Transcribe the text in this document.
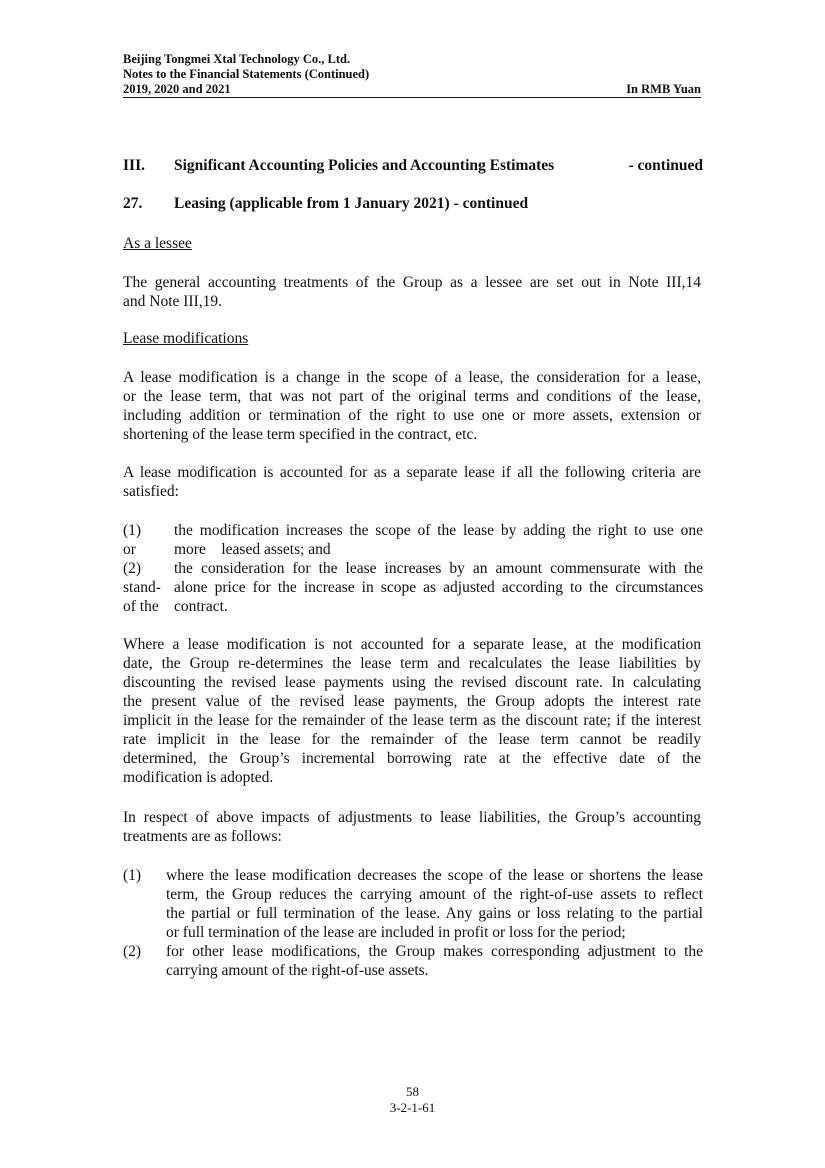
Beijing Tongmei Xtal Technology Co., Ltd.
Notes to the Financial Statements (Continued)
2019, 2020 and 2021	In RMB Yuan
III. Significant Accounting Policies and Accounting Estimates	- continued
27. Leasing (applicable from 1 January 2021) - continued
As a lessee

The general accounting treatments of the Group as a lessee are set out in Note III,14
and Note III,19.

Lease modifications

A lease modification is a change in the scope of a lease, the consideration for a lease,
or the lease term, that was not part of the original terms and conditions of the lease,
including addition or termination of the right to use one or more assets, extension or
shortening of the lease term specified in the contract, etc.

A lease modification is accounted for as a separate lease if all the following criteria are
satisfied:

(1) the modification increases the scope of the lease by adding the right to use one
or more    leased assets; and
(2) the consideration for the lease increases by an amount commensurate with the
stand- alone price for the increase in scope as adjusted according to the circumstances
of the contract.

Where a lease modification is not accounted for a separate lease, at the modification
date, the Group re-determines the lease term and recalculates the lease liabilities by
discounting the revised lease payments using the revised discount rate. In calculating
the present value of the revised lease payments, the Group adopts the interest rate
implicit in the lease for the remainder of the lease term as the discount rate; if the interest
rate implicit in the lease for the remainder of the lease term cannot be readily
determined, the Group’s incremental borrowing rate at the effective date of the
modification is adopted.

In respect of above impacts of adjustments to lease liabilities, the Group’s accounting
treatments are as follows:

(1) where the lease modification decreases the scope of the lease or shortens the lease
term, the Group reduces the carrying amount of the right-of-use assets to reflect
the partial or full termination of the lease. Any gains or loss relating to the partial
or full termination of the lease are included in profit or loss for the period;
(2) for other lease modifications, the Group makes corresponding adjustment to the
carrying amount of the right-of-use assets.
58
3-2-1-61
